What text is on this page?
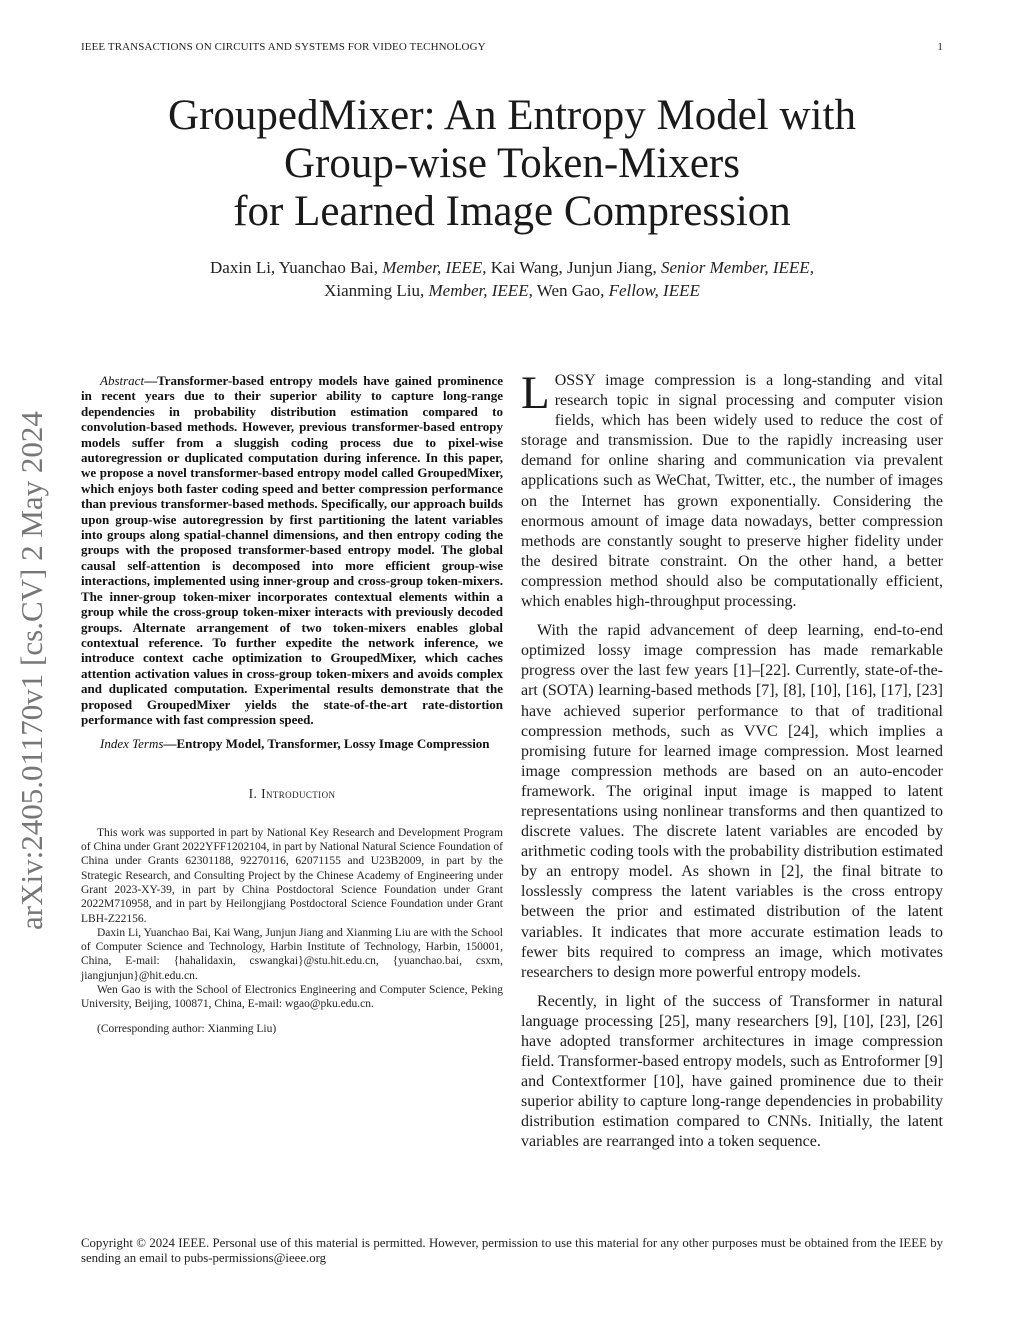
IEEE TRANSACTIONS ON CIRCUITS AND SYSTEMS FOR VIDEO TECHNOLOGY	1
GroupedMixer: An Entropy Model with
Group-wise Token-Mixers
for Learned Image Compression
Daxin Li, Yuanchao Bai, Member, IEEE, Kai Wang, Junjun Jiang, Senior Member, IEEE,
Xianming Liu, Member, IEEE, Wen Gao, Fellow, IEEE
arXiv:2405.01170v1 [cs.CV] 2 May 2024
Abstract—Transformer-based entropy models have gained prominence in recent years due to their superior ability to capture long-range dependencies in probability distribution estimation compared to convolution-based methods. However, previous transformer-based entropy models suffer from a sluggish coding process due to pixel-wise autoregression or duplicated computation during inference. In this paper, we propose a novel transformer-based entropy model called GroupedMixer, which enjoys both faster coding speed and better compression performance than previous transformer-based methods. Specifically, our approach builds upon group-wise autoregression by first partitioning the latent variables into groups along spatial-channel dimensions, and then entropy coding the groups with the proposed transformer-based entropy model. The global causal self-attention is decomposed into more efficient group-wise interactions, implemented using inner-group and cross-group token-mixers. The inner-group token-mixer incorporates contextual elements within a group while the cross-group token-mixer interacts with previously decoded groups. Alternate arrangement of two token-mixers enables global contextual reference. To further expedite the network inference, we introduce context cache optimization to GroupedMixer, which caches attention activation values in cross-group token-mixers and avoids complex and duplicated computation. Experimental results demonstrate that the proposed GroupedMixer yields the state-of-the-art rate-distortion performance with fast compression speed.
Index Terms—Entropy Model, Transformer, Lossy Image Compression
I. Introduction

This work was supported in part by National Key Research and Development Program of China under Grant 2022YFF1202104, in part by National Natural Science Foundation of China under Grants 62301188, 92270116, 62071155 and U23B2009, in part by the Strategic Research, and Consulting Project by the Chinese Academy of Engineering under Grant 2023-XY-39, in part by China Postdoctoral Science Foundation under Grant 2022M710958, and in part by Heilongjiang Postdoctoral Science Foundation under Grant LBH-Z22156.

Daxin Li, Yuanchao Bai, Kai Wang, Junjun Jiang and Xianming Liu are with the School of Computer Science and Technology, Harbin Institute of Technology, Harbin, 150001, China, E-mail: {hahalidaxin, cswangkai}@stu.hit.edu.cn, {yuanchao.bai, csxm, jiangjunjun}@hit.edu.cn.

Wen Gao is with the School of Electronics Engineering and Computer Science, Peking University, Beijing, 100871, China, E-mail: wgao@pku.edu.cn.

(Corresponding author: Xianming Liu)

LOSSY image compression is a long-standing and vital research topic in signal processing and computer vision fields, which has been widely used to reduce the cost of storage and transmission. Due to the rapidly increasing user demand for online sharing and communication via prevalent applications such as WeChat, Twitter, etc., the number of images on the Internet has grown exponentially. Considering the enormous amount of image data nowadays, better compression methods are constantly sought to preserve higher fidelity under the desired bitrate constraint. On the other hand, a better compression method should also be computationally efficient, which enables high-throughput processing.

With the rapid advancement of deep learning, end-to-end optimized lossy image compression has made remarkable progress over the last few years [1]–[22]. Currently, state-of-the-art (SOTA) learning-based methods [7], [8], [10], [16], [17], [23] have achieved superior performance to that of traditional compression methods, such as VVC [24], which implies a promising future for learned image compression. Most learned image compression methods are based on an auto-encoder framework. The original input image is mapped to latent representations using nonlinear transforms and then quantized to discrete values. The discrete latent variables are encoded by arithmetic coding tools with the probability distribution estimated by an entropy model. As shown in [2], the final bitrate to losslessly compress the latent variables is the cross entropy between the prior and estimated distribution of the latent variables. It indicates that more accurate estimation leads to fewer bits required to compress an image, which motivates researchers to design more powerful entropy models.

Recently, in light of the success of Transformer in natural language processing [25], many researchers [9], [10], [23], [26] have adopted transformer architectures in image compression field. Transformer-based entropy models, such as Entroformer [9] and Contextformer [10], have gained prominence due to their superior ability to capture long-range dependencies in probability distribution estimation compared to CNNs. Initially, the latent variables are rearranged into a token sequence.

Copyright © 2024 IEEE. Personal use of this material is permitted. However, permission to use this material for any other purposes must be obtained from the IEEE by sending an email to pubs-permissions@ieee.org
